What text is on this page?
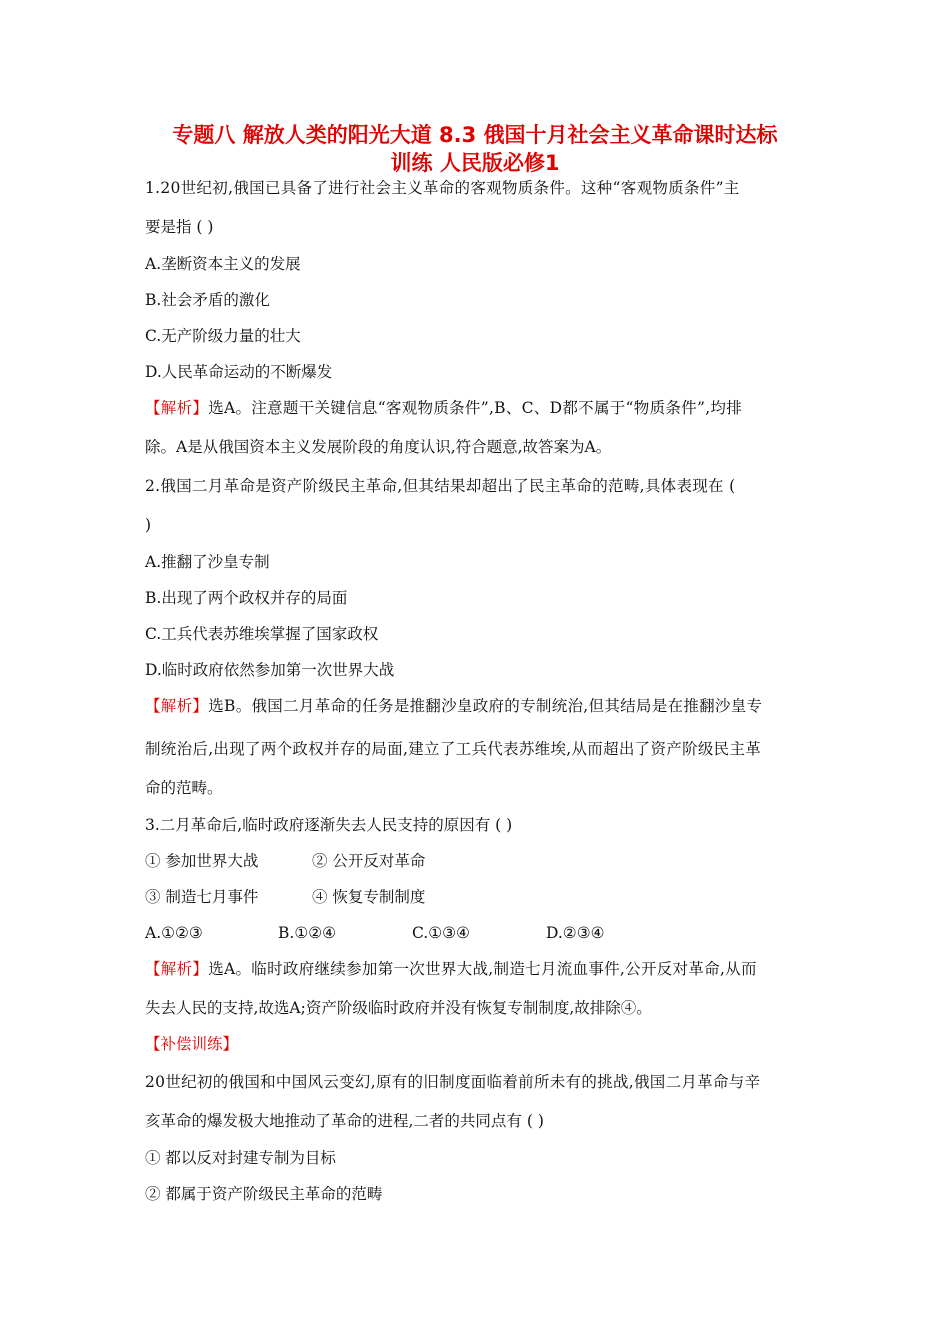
专题八 解放人类的阳光大道 8.3 俄国十月社会主义革命课时达标
训练 人民版必修1
1.20世纪初,俄国已具备了进行社会主义革命的客观物质条件。这种“客观物质条件”主
要是指 ( )
A.垄断资本主义的发展
B.社会矛盾的激化
C.无产阶级力量的壮大
D.人民革命运动的不断爆发
【解析】选A。注意题干关键信息“客观物质条件”,B、C、D都不属于“物质条件”,均排
除。A是从俄国资本主义发展阶段的角度认识,符合题意,故答案为A。
2.俄国二月革命是资产阶级民主革命,但其结果却超出了民主革命的范畴,具体表现在 (
)
A.推翻了沙皇专制
B.出现了两个政权并存的局面
C.工兵代表苏维埃掌握了国家政权
D.临时政府依然参加第一次世界大战
【解析】选B。俄国二月革命的任务是推翻沙皇政府的专制统治,但其结局是在推翻沙皇专
制统治后,出现了两个政权并存的局面,建立了工兵代表苏维埃,从而超出了资产阶级民主革
命的范畴。
3.二月革命后,临时政府逐渐失去人民支持的原因有 ( )
① 参加世界大战	② 公开反对革命
③ 制造七月事件	④ 恢复专制制度
A.①②③	B.①②④	C.①③④	D.②③④
【解析】选A。临时政府继续参加第一次世界大战,制造七月流血事件,公开反对革命,从而
失去人民的支持,故选A;资产阶级临时政府并没有恢复专制制度,故排除④。
【补偿训练】
20世纪初的俄国和中国风云变幻,原有的旧制度面临着前所未有的挑战,俄国二月革命与辛
亥革命的爆发极大地推动了革命的进程,二者的共同点有 ( )
① 都以反对封建专制为目标
② 都属于资产阶级民主革命的范畴
